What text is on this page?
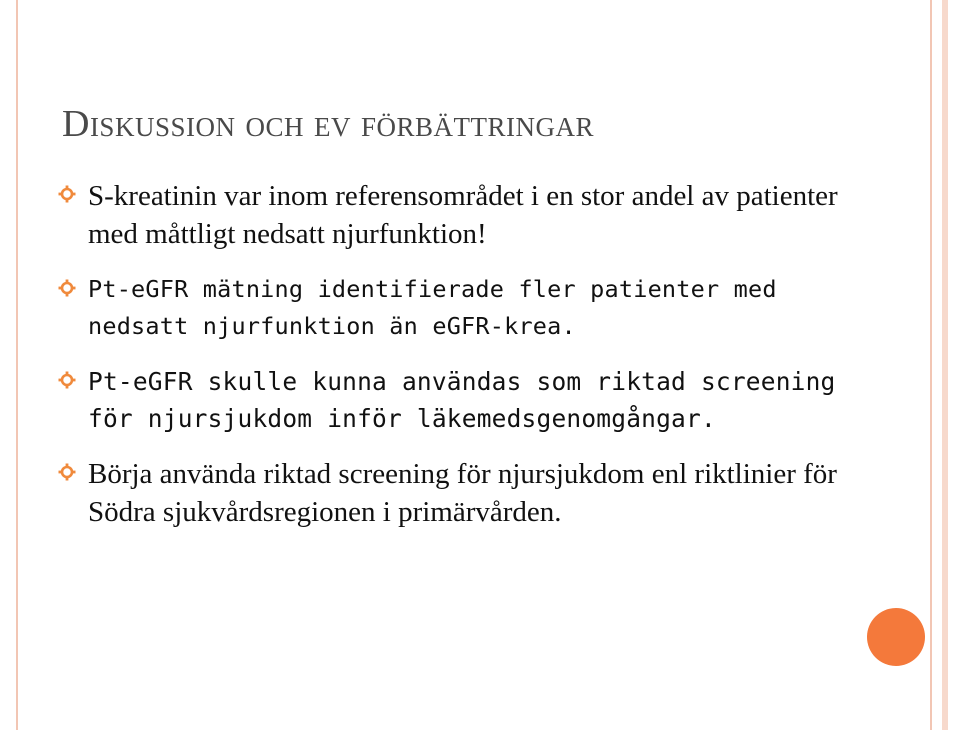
Diskussion och ev förbättringar
S-kreatinin var inom referensområdet i en stor andel av patienter med måttligt nedsatt njurfunktion!
Pt-eGFR mätning identifierade fler patienter med nedsatt njurfunktion än eGFR-krea.
Pt-eGFR skulle kunna användas som riktad screening för njursjukdom inför läkemedsgenomgångar.
Börja använda riktad screening för njursjukdom enl riktlinier för Södra sjukvårdsregionen i primärvården.
